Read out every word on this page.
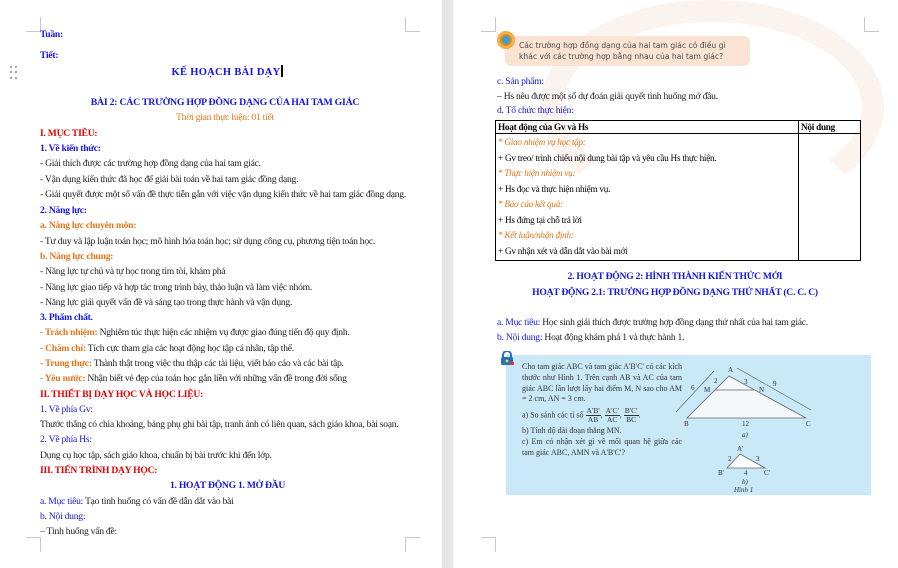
Tuần:
Tiết:
KẾ HOẠCH BÀI DẠY
BÀI 2: CÁC TRƯỜNG HỢP ĐỒNG DẠNG CỦA HAI TAM GIÁC
Thời gian thực hiện: 01 tiết
I. MỤC TIÊU:
1. Về kiến thức:
- Giải thích được các trường hợp đồng dạng của hai tam giác.
- Vận dụng kiến thức đã học để giải bài toán về hai tam giác đồng dạng.
- Giải quyết được một số vấn đề thực tiễn gắn với việc vận dụng kiến thức về hai tam giác đồng dạng.
2. Năng lực:
a. Năng lực chuyên môn:
- Tư duy và lập luận toán học; mô hình hóa toán học; sử dụng công cụ, phương tiện toán học.
b. Năng lực chung:
- Năng lực tự chủ và tự học trong tìm tòi, khám phá
- Năng lực giao tiếp và hợp tác trong trình bày, thảo luận và làm việc nhóm.
- Năng lực giải quyết vấn đề và sáng tạo trong thực hành và vận dụng.
3. Phẩm chất.
- Trách nhiệm: Nghiêm túc thực hiện các nhiệm vụ được giao đúng tiến độ quy định.
- Chăm chỉ: Tích cực tham gia các hoạt động học tập cá nhân, tập thể.
- Trung thực: Thành thật trong việc thu thập các tài liệu, viết báo cáo và các bài tập.
- Yêu nước: Nhận biết vẻ đẹp của toán học gắn liền với những vấn đề trong đời sống
II. THIẾT BỊ DẠY HỌC VÀ HỌC LIỆU:
1. Về phía Gv:
Thước thẳng có chia khoảng, bảng phụ ghi bài tập, tranh ảnh có liên quan, sách giáo khoa, bài soạn.
2. Về phía Hs:
Dụng cụ học tập, sách giáo khoa, chuẩn bị bài trước khi đến lớp.
III. TIẾN TRÌNH DẠY HỌC:
1. HOẠT ĐỘNG 1. MỞ ĐẦU
a. Mục tiêu: Tạo tình huống có vấn đề dẫn dắt vào bài
b. Nội dung:
– Tình huống vấn đề:
Các trường hợp đồng dạng của hai tam giác có điều gì khác với các trường hợp bằng nhau của hai tam giác?
c. Sản phẩm:
– Hs nêu được một số dự đoán giải quyết tình huống mở đầu.
d. Tổ chức thực hiện:
Hoạt động của Gv và Hs	Nội dung

* Giao nhiệm vụ học tập:
+ Gv treo/ trình chiếu nội dung bài tập và yêu cầu Hs thực hiện.
* Thực hiện nhiệm vụ:
+ Hs đọc và thực hiện nhiệm vụ.
* Báo cáo kết quả:
+ Hs đứng tại chỗ trả lời
* Kết luận/nhận định:
+ Gv nhận xét và dẫn dắt vào bài mới

2. HOẠT ĐỘNG 2: HÌNH THÀNH KIẾN THỨC MỚI
HOẠT ĐỘNG 2.1: TRƯỜNG HỢP ĐỒNG DẠNG THỨ NHẤT (C. C. C)
a. Mục tiêu: Học sinh giải thích được trường hợp đồng dạng thứ nhất của hai tam giác.
b. Nội dung: Hoạt động khám phá 1 và thực hành 1.
Cho tam giác ABC và tam giác A'B'C' có các kích thước như Hình 1. Trên cạnh AB và AC của tam giác ABC lần lượt lấy hai điểm M, N sao cho AM = 2 cm, AN = 3 cm.
a) So sánh các tỉ số $\frac{A'B'}{AB}$ , $\frac{A'C'}{AC}$ , $\frac{B'C'}{BC}$ .
b) Tính độ dài đoạn thẳng MN.
c) Em có nhận xét gì về mối quan hệ giữa các tam giác ABC, AMN và A'B'C'?
A
B	C
M	N
2
6
3	9
12
a)
A'
B'	C'
2	3
4
b)
Hình 1
